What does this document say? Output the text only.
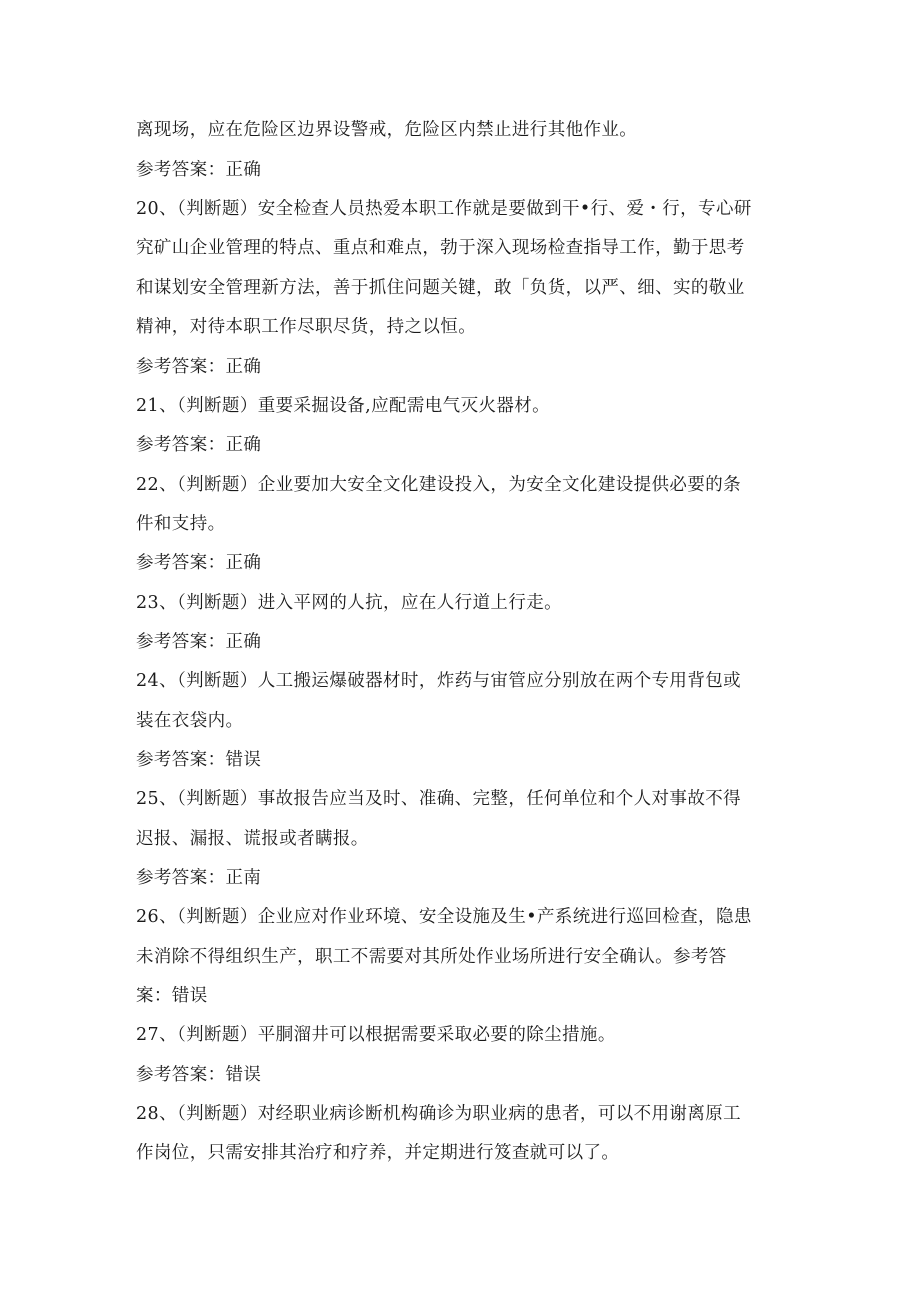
离现场，应在危险区边界设警戒，危险区内禁止进行其他作业。
参考答案：正确
20、（判断题）安全检查人员热爱本职工作就是要做到干•行、爱・行，专心研
究矿山企业管理的特点、重点和难点，勃于深入现场检查指导工作，勤于思考
和谋划安全管理新方法，善于抓住问题关键，敢「负货，以严、细、实的敬业
精神，对待本职工作尽职尽货，持之以恒。
参考答案：正确
21、（判断题）重要采掘设备,应配需电气灭火器材。
参考答案：正确
22、（判断题）企业要加大安全文化建设投入，为安全文化建设提供必要的条
件和支持。
参考答案：正确
23、（判断题）进入平网的人抗，应在人行道上行走。
参考答案：正确
24、（判断题）人工搬运爆破器材时，炸药与宙管应分别放在两个专用背包或
装在衣袋内。
参考答案：错误
25、（判断题）事故报告应当及时、准确、完整，任何单位和个人对事故不得
迟报、漏报、谎报或者瞒报。
参考答案：正南
26、（判断题）企业应对作业环境、安全设施及生•产系统进行巡回检查，隐患
未消除不得组织生产，职工不需要对其所处作业场所进行安全确认。参考答
案：错误
27、（判断题）平胴溜井可以根据需要采取必要的除尘措施。
参考答案：错误
28、（判断题）对经职业病诊断机构确诊为职业病的患者，可以不用谢离原工
作岗位，只需安排其治疗和疗养，并定期进行笈查就可以了。
